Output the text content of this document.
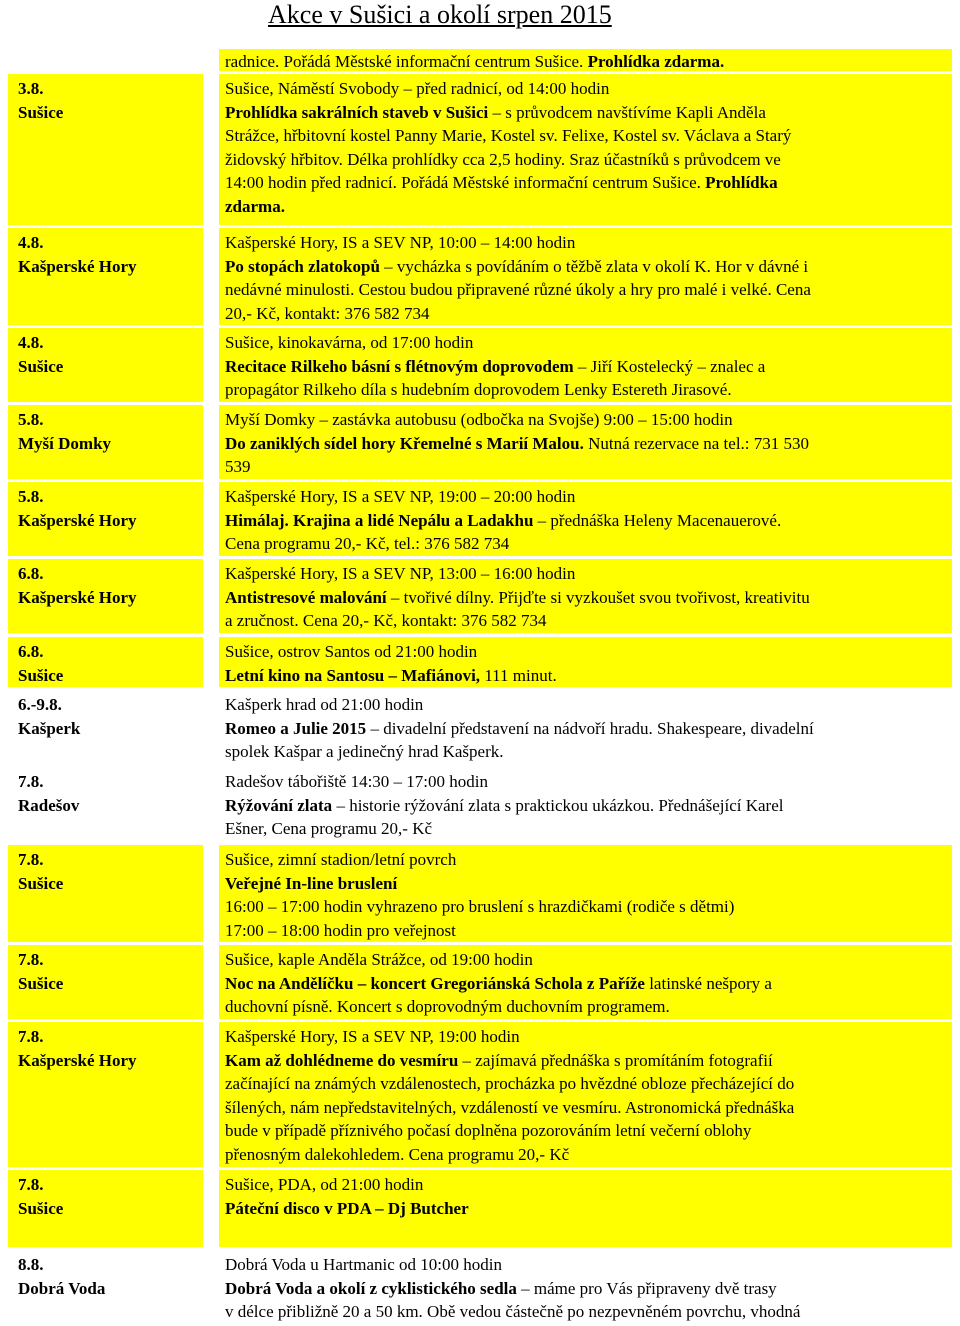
Akce v Sušici a okolí srpen 2015
radnice. Pořádá Městské informační centrum Sušice. Prohlídka zdarma.
3.8.
Sušice
Sušice, Náměstí Svobody – před radnicí, od 14:00 hodin
Prohlídka sakrálních staveb v Sušici – s průvodcem navštívíme Kapli Anděla
Strážce, hřbitovní kostel Panny Marie, Kostel sv. Felixe, Kostel sv. Václava a Starý
židovský hřbitov. Délka prohlídky cca 2,5 hodiny. Sraz účastníků s průvodcem ve
14:00 hodin před radnicí. Pořádá Městské informační centrum Sušice. Prohlídka
zdarma.
4.8.
Kašperské Hory
Kašperské Hory, IS a SEV NP, 10:00 – 14:00 hodin
Po stopách zlatokopů – vycházka s povídáním o těžbě zlata v okolí K. Hor v dávné i
nedávné minulosti. Cestou budou připravené různé úkoly a hry pro malé i velké. Cena
20,- Kč, kontakt: 376 582 734
4.8.
Sušice
Sušice, kinokavárna, od 17:00 hodin
Recitace Rilkeho básní s flétnovým doprovodem – Jiří Kostelecký – znalec a
propagátor Rilkeho díla s hudebním doprovodem Lenky Estereth Jirasové.
5.8.
Myší Domky
Myší Domky – zastávka autobusu (odbočka na Svojše) 9:00 – 15:00 hodin
Do zaniklých sídel hory Křemelné s Marií Malou. Nutná rezervace na tel.: 731 530
539
5.8.
Kašperské Hory
Kašperské Hory, IS a SEV NP, 19:00 – 20:00 hodin
Himálaj. Krajina a lidé Nepálu a Ladakhu – přednáška Heleny Macenauerové.
Cena programu 20,- Kč, tel.: 376 582 734
6.8.
Kašperské Hory
Kašperské Hory, IS a SEV NP, 13:00 – 16:00 hodin
Antistresové malování – tvořivé dílny. Přijďte si vyzkoušet svou tvořivost, kreativitu
a zručnost. Cena 20,- Kč, kontakt: 376 582 734
6.8.
Sušice
Sušice, ostrov Santos od 21:00 hodin
Letní kino na Santosu – Mafiánovi, 111 minut.
6.-9.8.
Kašperk
Kašperk hrad od 21:00 hodin
Romeo a Julie 2015 – divadelní představení na nádvoří hradu. Shakespeare, divadelní
spolek Kašpar a jedinečný hrad Kašperk.
7.8.
Radešov
Radešov tábořiště 14:30 – 17:00 hodin
Rýžování zlata – historie rýžování zlata s praktickou ukázkou. Přednášející Karel
Ešner, Cena programu 20,- Kč
7.8.
Sušice
Sušice, zimní stadion/letní povrch
Veřejné In-line bruslení
16:00 – 17:00 hodin vyhrazeno pro bruslení s hrazdičkami (rodiče s dětmi)
17:00 – 18:00 hodin pro veřejnost
7.8.
Sušice
Sušice, kaple Anděla Strážce, od 19:00 hodin
Noc na Andělíčku – koncert Gregoriánská Schola z Paříže latinské nešpory a
duchovní písně. Koncert s doprovodným duchovním programem.
7.8.
Kašperské Hory
Kašperské Hory, IS a SEV NP, 19:00 hodin
Kam až dohlédneme do vesmíru – zajímavá přednáška s promítáním fotografií
začínající na známých vzdálenostech, procházka po hvězdné obloze přecházející do
šílených, nám nepředstavitelných, vzdáleností ve vesmíru. Astronomická přednáška
bude v případě příznivého počasí doplněna pozorováním letní večerní oblohy
přenosným dalekohledem. Cena programu 20,- Kč
7.8.
Sušice
Sušice, PDA, od 21:00 hodin
Páteční disco v PDA – Dj Butcher
8.8.
Dobrá Voda
Dobrá Voda u Hartmanic od 10:00 hodin
Dobrá Voda a okolí z cyklistického sedla – máme pro Vás připraveny dvě trasy
v délce přibližně 20 a 50 km. Obě vedou částečně po nezpevněném povrchu, vhodná
